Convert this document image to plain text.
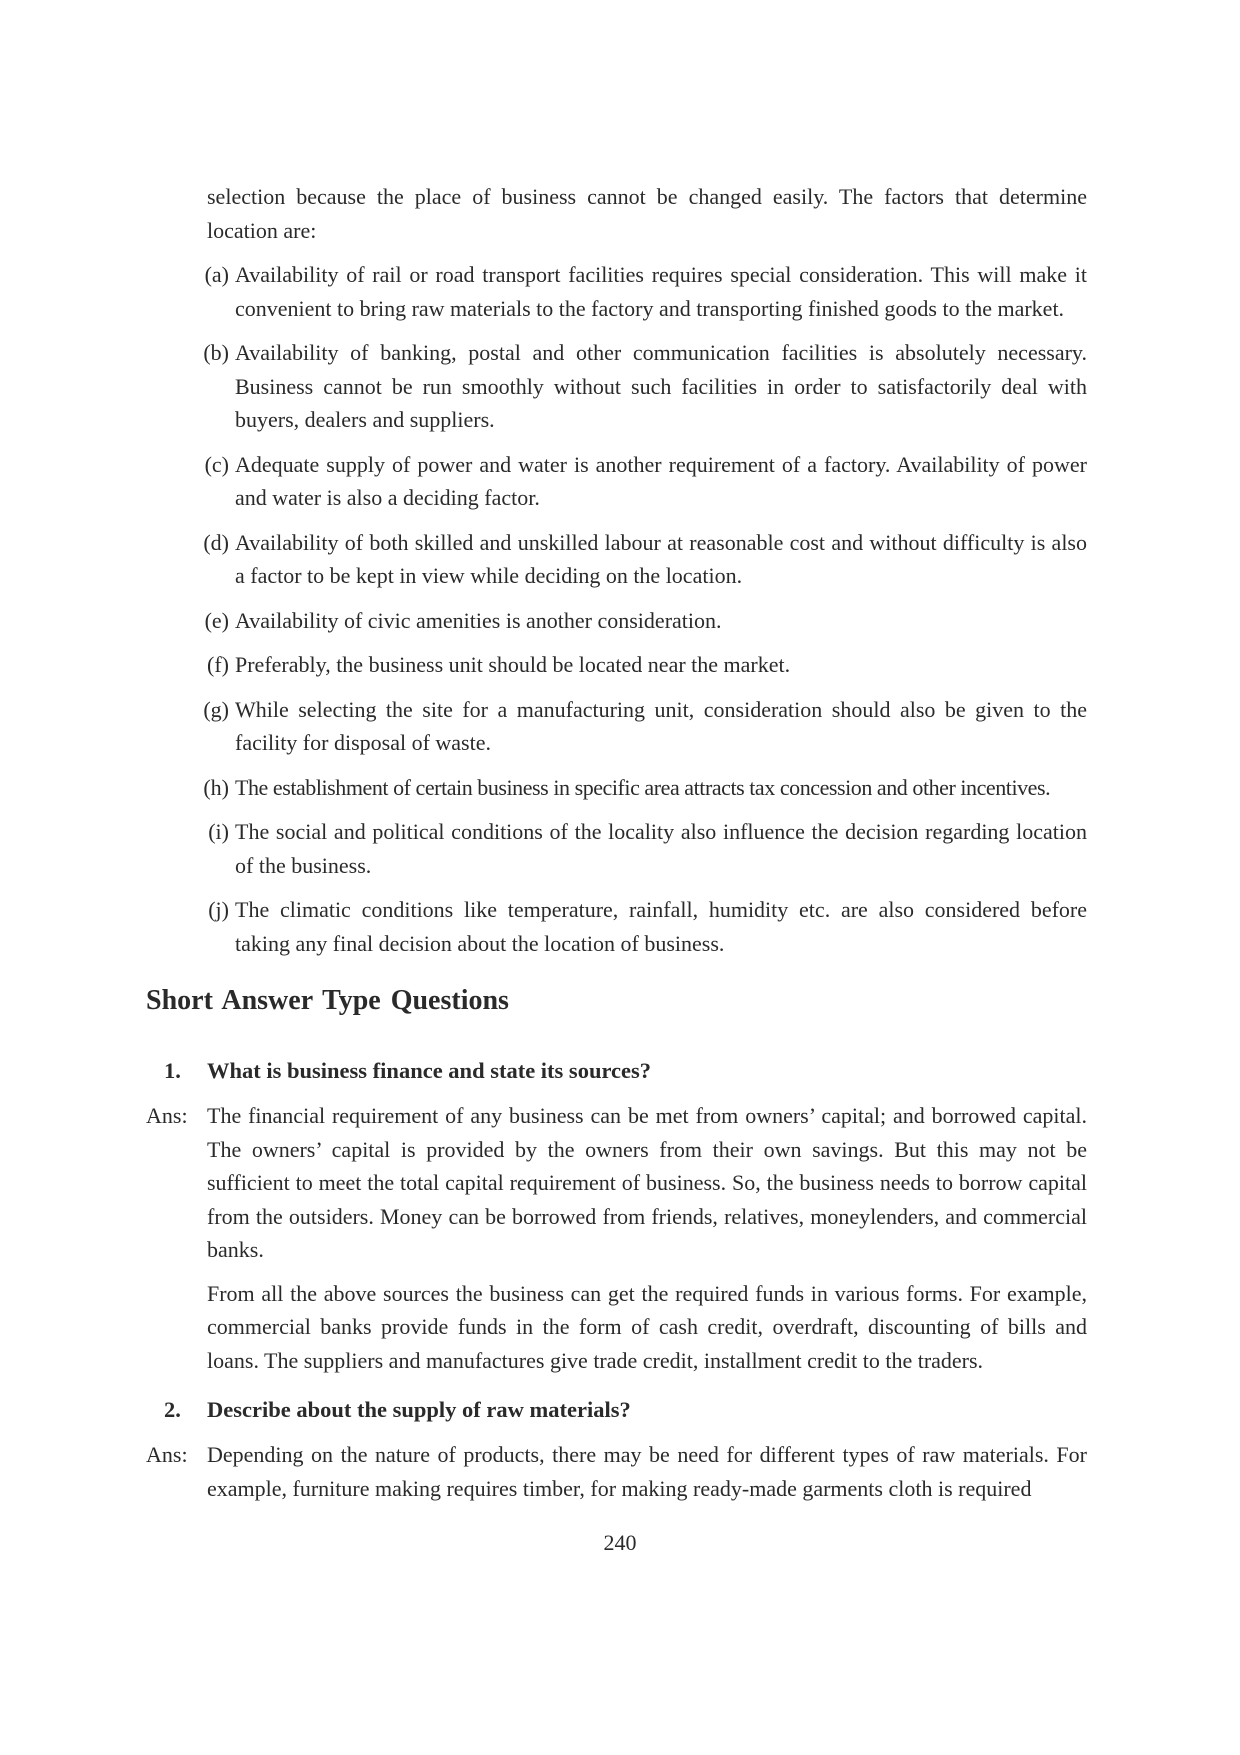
selection because the place of business cannot be changed easily. The factors that determine location are:
(a) Availability of rail or road transport facilities requires special consideration. This will make it convenient to bring raw materials to the factory and transporting finished goods to the market.
(b) Availability of banking, postal and other communication facilities is absolutely necessary. Business cannot be run smoothly without such facilities in order to satisfactorily deal with buyers, dealers and suppliers.
(c) Adequate supply of power and water is another requirement of a factory. Availability of power and water is also a deciding factor.
(d) Availability of both skilled and unskilled labour at reasonable cost and without difficulty is also a factor to be kept in view while deciding on the location.
(e) Availability of civic amenities is another consideration.
(f) Preferably, the business unit should be located near the market.
(g) While selecting the site for a manufacturing unit, consideration should also be given to the facility for disposal of waste.
(h) The establishment of certain business in specific area attracts tax concession and other incentives.
(i) The social and political conditions of the locality also influence the decision regarding location of the business.
(j) The climatic conditions like temperature, rainfall, humidity etc. are also considered before taking any final decision about the location of business.
Short Answer Type Questions
1. What is business finance and state its sources?
Ans: The financial requirement of any business can be met from owners’ capital; and borrowed capital. The owners’ capital is provided by the owners from their own savings. But this may not be sufficient to meet the total capital requirement of business. So, the business needs to borrow capital from the outsiders. Money can be borrowed from friends, relatives, moneylenders, and commercial banks.

From all the above sources the business can get the required funds in various forms. For example, commercial banks provide funds in the form of cash credit, overdraft, discounting of bills and loans. The suppliers and manufactures give trade credit, installment credit to the traders.

2. Describe about the supply of raw materials?
Ans: Depending on the nature of products, there may be need for different types of raw materials. For example, furniture making requires timber, for making ready-made garments cloth is required

240
